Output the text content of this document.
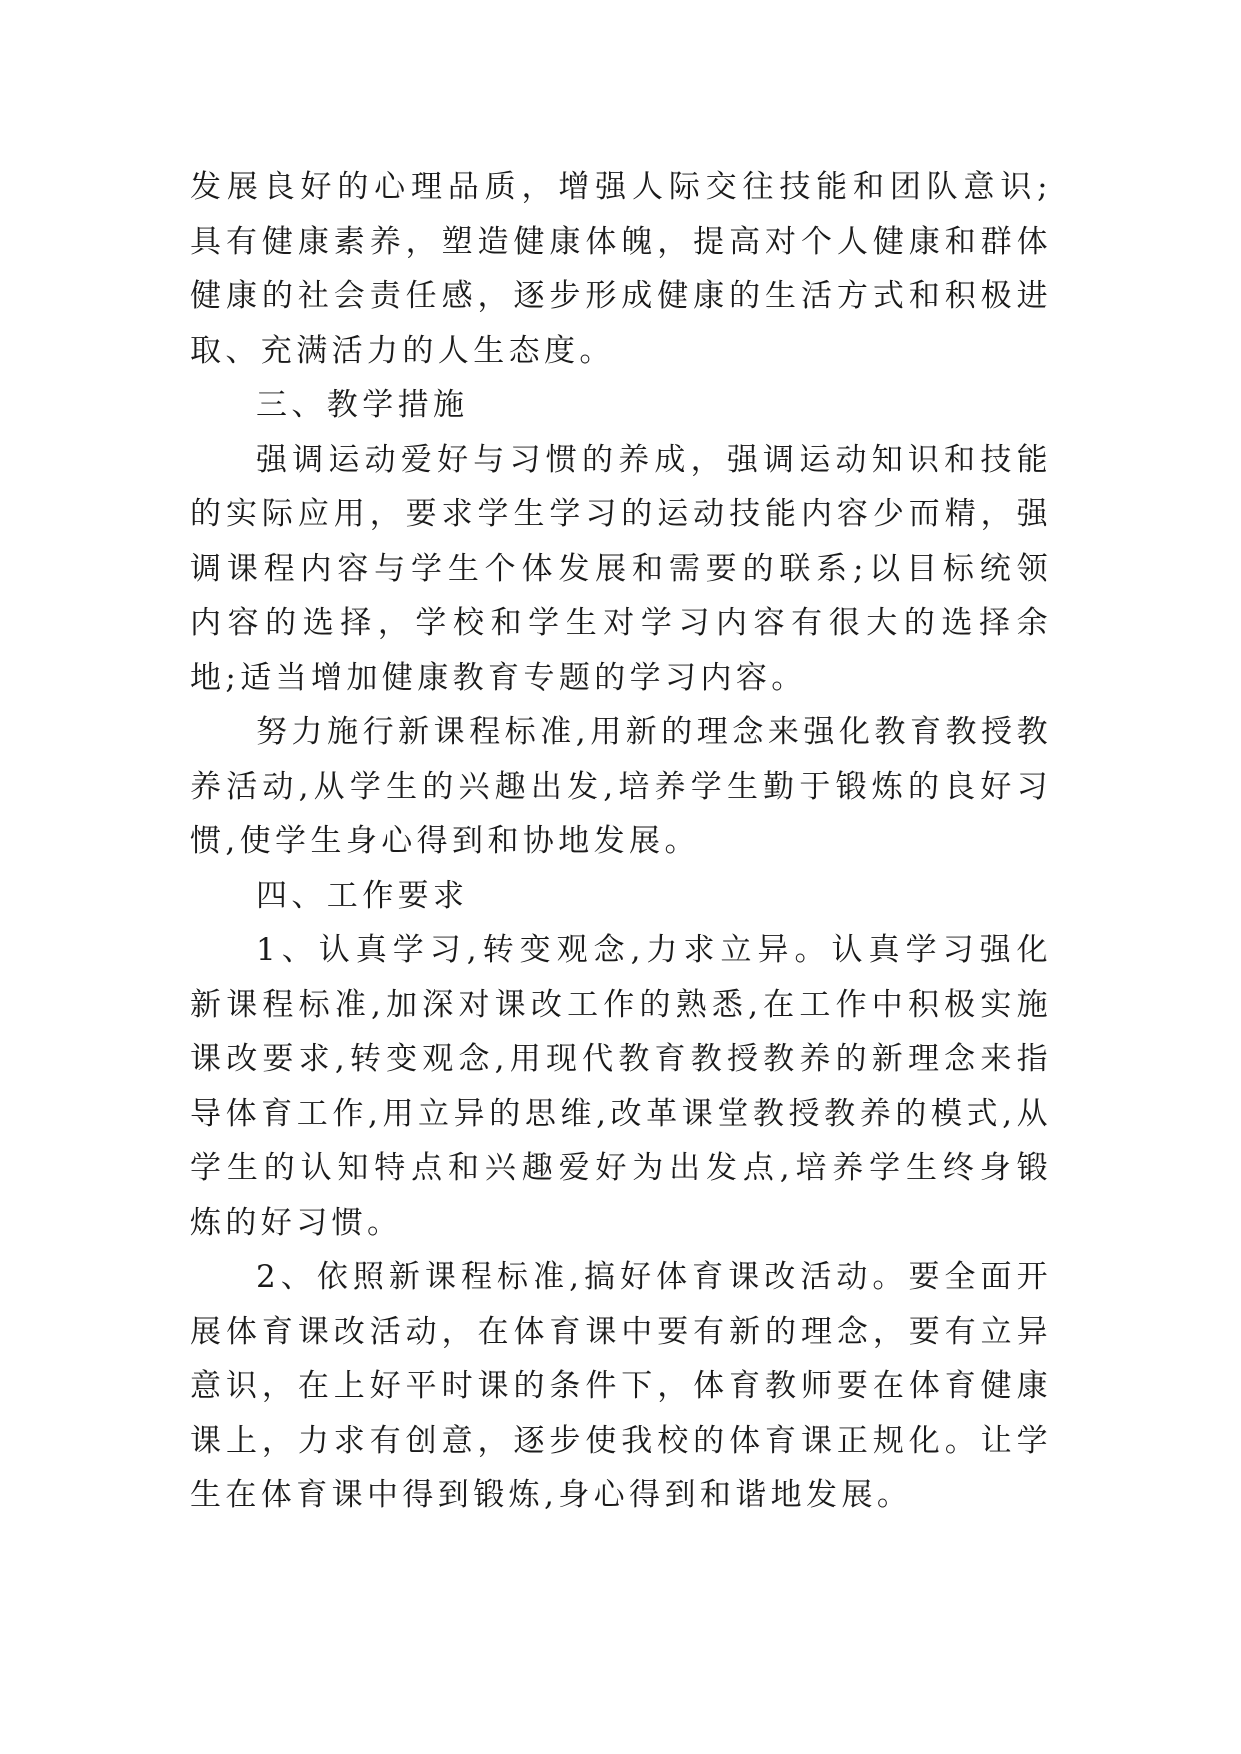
发展良好的心理品质，增强人际交往技能和团队意识;具有健康素养，塑造健康体魄，提高对个人健康和群体健康的社会责任感，逐步形成健康的生活方式和积极进取、充满活力的人生态度。

三、教学措施

强调运动爱好与习惯的养成，强调运动知识和技能的实际应用，要求学生学习的运动技能内容少而精，强调课程内容与学生个体发展和需要的联系;以目标统领内容的选择，学校和学生对学习内容有很大的选择余地;适当增加健康教育专题的学习内容。

努力施行新课程标准,用新的理念来强化教育教授教养活动,从学生的兴趣出发,培养学生勤于锻炼的良好习惯,使学生身心得到和协地发展。

四、工作要求

1、认真学习,转变观念,力求立异。认真学习强化新课程标准,加深对课改工作的熟悉,在工作中积极实施课改要求,转变观念,用现代教育教授教养的新理念来指导体育工作,用立异的思维,改革课堂教授教养的模式,从学生的认知特点和兴趣爱好为出发点,培养学生终身锻炼的好习惯。

2、依照新课程标准,搞好体育课改活动。要全面开展体育课改活动，在体育课中要有新的理念，要有立异意识，在上好平时课的条件下，体育教师要在体育健康课上，力求有创意，逐步使我校的体育课正规化。让学生在体育课中得到锻炼,身心得到和谐地发展。
